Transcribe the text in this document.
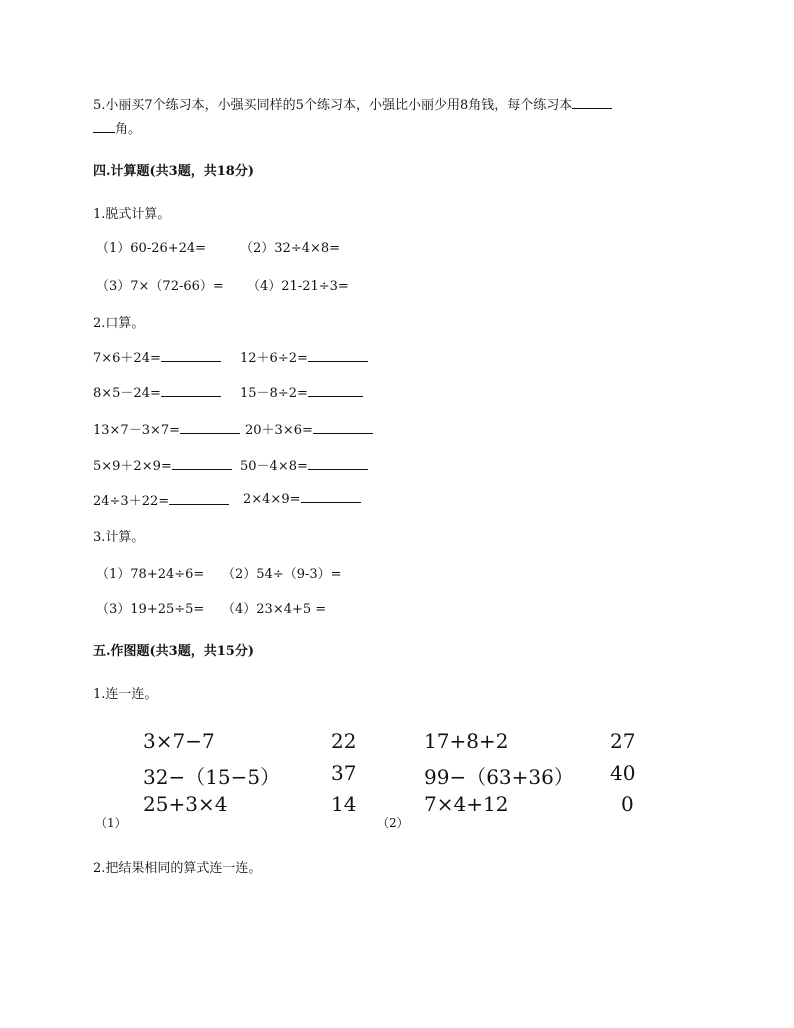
5.小丽买7个练习本，小强买同样的5个练习本，小强比小丽少用8角钱，每个练习本
角。
四.计算题(共3题，共18分)
1.脱式计算。
（1）60-26+24=	（2）32÷4×8=
（3）7×（72-66）= （4）21-21÷3=
2.口算。
7×6＋24=	12＋6÷2=
8×5－24=	15－8÷2=
13×7－3×7=	20＋3×6=
5×9＋2×9=	50－4×8=
24÷3＋22=	2×4×9=
3.计算。
（1）78+24÷6= （2）54÷（9-3）=
（3）19+25÷5= （4）23×4+5 =
五.作图题(共3题，共15分)
1.连一连。
3×7−7
32−（15−5）
25+3×4
22
37
14
（1）
17+8+2
99−（63+36）
7×4+12
27
40
0
（2）
2.把结果相同的算式连一连。
